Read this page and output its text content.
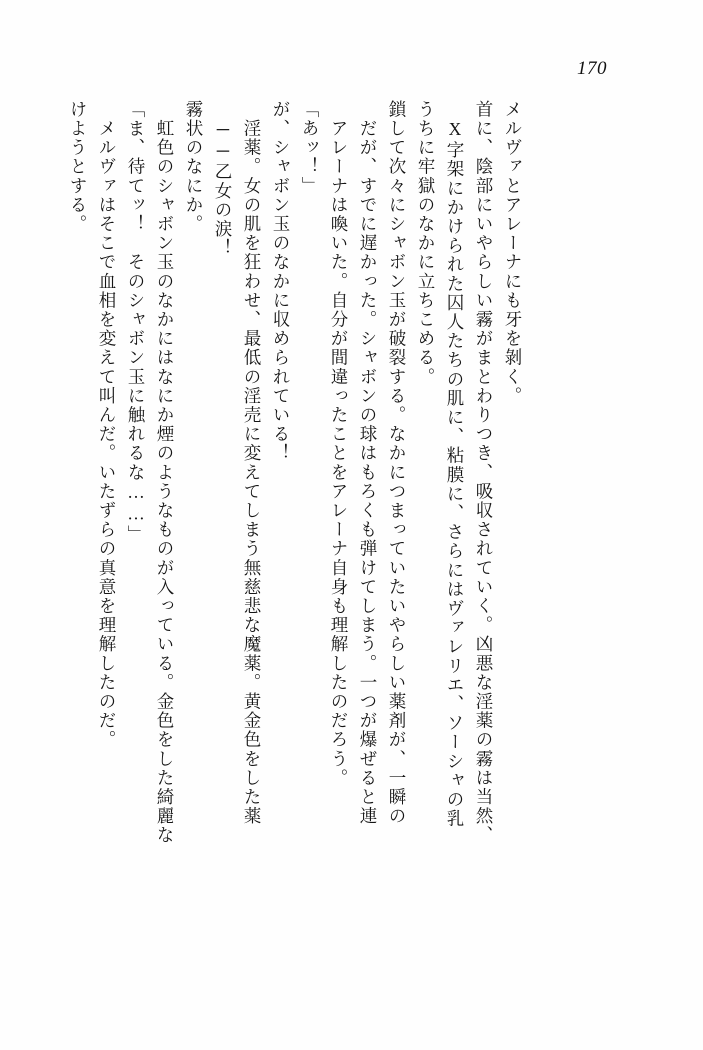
170
けようとする。 　メルヴァはそこで血相を変えて叫んだ。いたずらの真意を理解したのだ。 「ま、待てッ！　そのシャボン玉に触れるな……」 　虹色のシャボン玉のなかにはなにか煙のようなものが入っている。金色をした綺麗な 霧状のなにか。 　──乙女の涙！ 　淫薬。女の肌を狂わせ、最低の淫売に変えてしまう無慈悲な魔薬。黄金色をした薬 が、シャボン玉のなかに収められている！ 「あッ！」 　アレーナは喚いた。自分が間違ったことをアレーナ自身も理解したのだろう。 　だが、すでに遅かった。シャボンの球はもろくも弾けてしまう。一つが爆ぜると連 鎖して次々にシャボン玉が破裂する。なかにつまっていたいやらしい薬剤が、一瞬の うちに牢獄のなかに立ちこめる。 　X字架にかけられた囚人たちの肌に、粘膜に、さらにはヴァレリエ、ソーシャの乳 首に、陰部にいやらしい霧がまとわりつき、吸収されていく。凶悪な淫薬の霧は当然、 メルヴァとアレーナにも牙を剝く。
